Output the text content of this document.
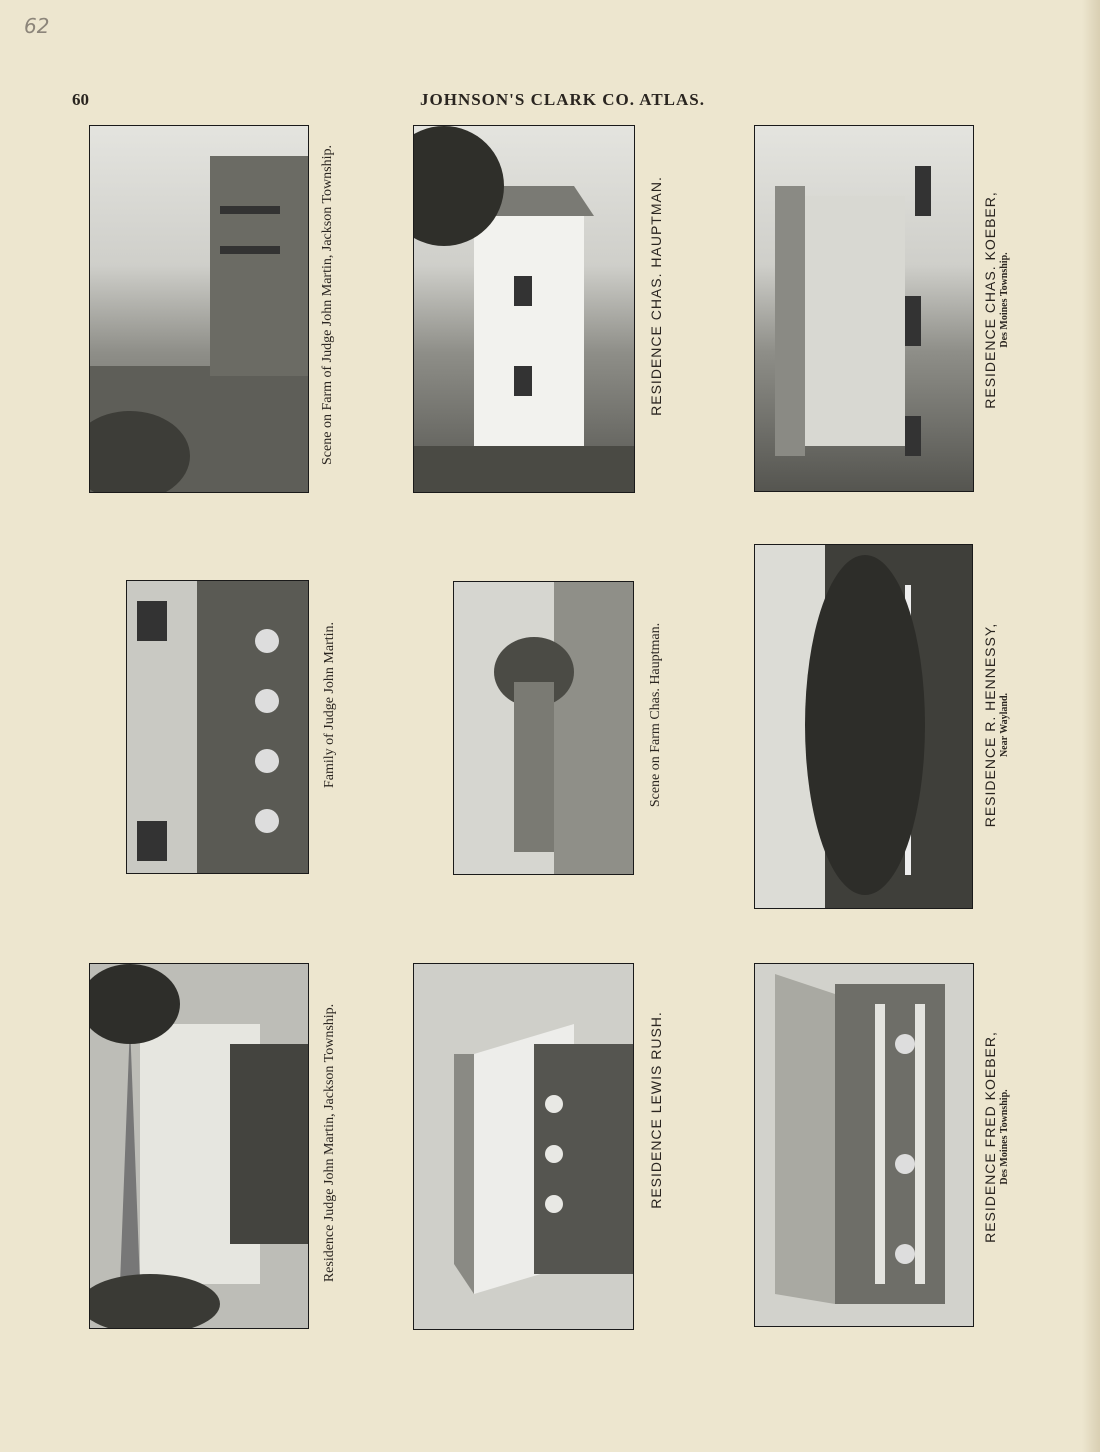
62
60	JOHNSON'S CLARK CO. ATLAS.
Scene on Farm of Judge John Martin, Jackson Township.	RESIDENCE CHAS. HAUPTMAN.	RESIDENCE CHAS. KOEBER, Des Moines Township.
Family of Judge John Martin.	Scene on Farm Chas. Hauptman.	RESIDENCE R. HENNESSY, Near Wayland.
Residence Judge John Martin, Jackson Township.	RESIDENCE LEWIS RUSH.	RESIDENCE FRED KOEBER, Des Moines Township.
